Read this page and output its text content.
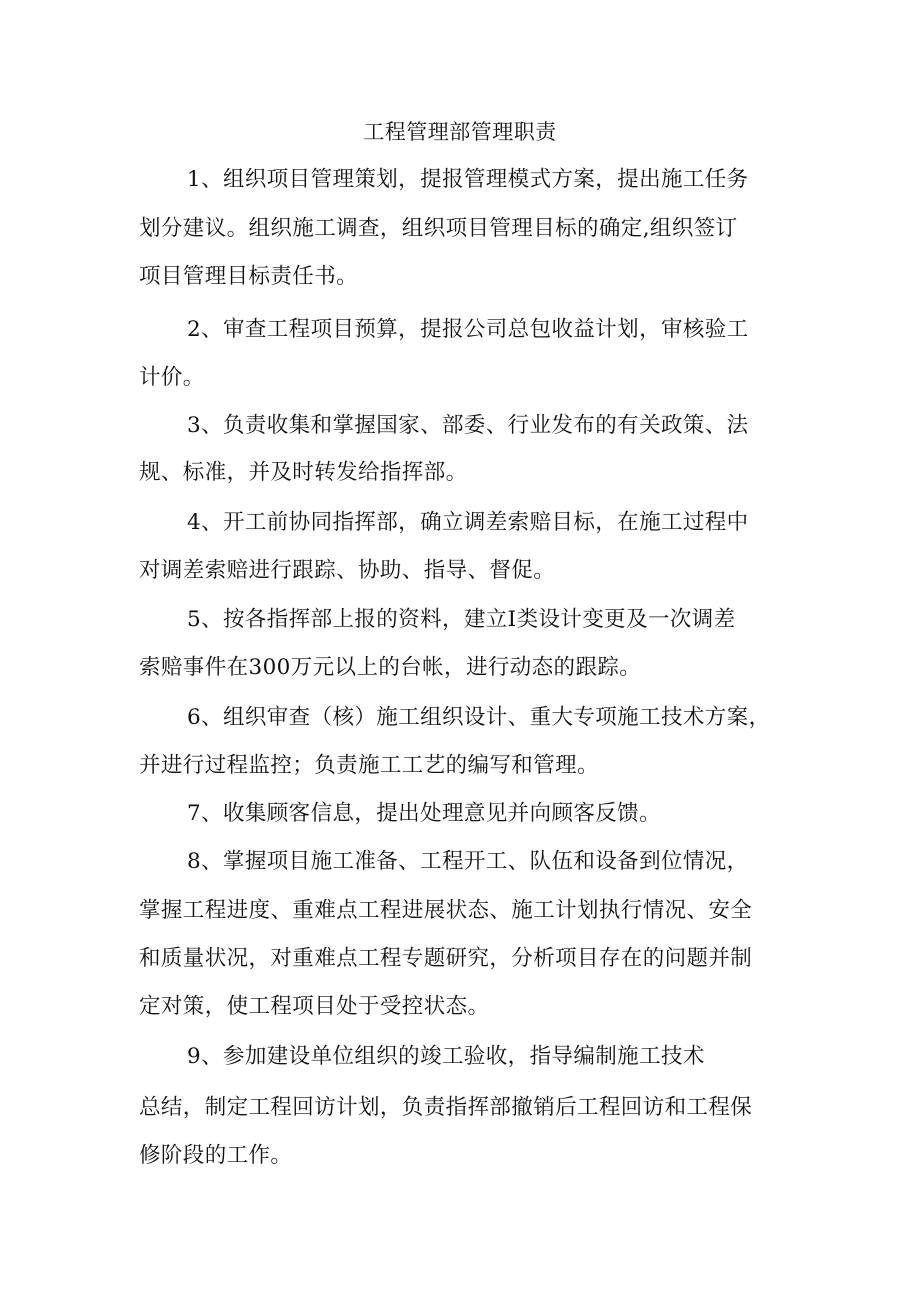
工程管理部管理职责
1、组织项目管理策划，提报管理模式方案，提出施工任务
划分建议。组织施工调查，组织项目管理目标的确定,组织签订
项目管理目标责任书。
2、审查工程项目预算，提报公司总包收益计划，审核验工
计价。
3、负责收集和掌握国家、部委、行业发布的有关政策、法
规、标准，并及时转发给指挥部。
4、开工前协同指挥部，确立调差索赔目标，在施工过程中
对调差索赔进行跟踪、协助、指导、督促。
5、按各指挥部上报的资料，建立I类设计变更及一次调差
索赔事件在300万元以上的台帐，进行动态的跟踪。
6、组织审查（核）施工组织设计、重大专项施工技术方案，
并进行过程监控；负责施工工艺的编写和管理。
7、收集顾客信息，提出处理意见并向顾客反馈。
8、掌握项目施工准备、工程开工、队伍和设备到位情况，
掌握工程进度、重难点工程进展状态、施工计划执行情况、安全
和质量状况，对重难点工程专题研究，分析项目存在的问题并制
定对策，使工程项目处于受控状态。
9、参加建设单位组织的竣工验收，指导编制施工技术
总结，制定工程回访计划，负责指挥部撤销后工程回访和工程保
修阶段的工作。
